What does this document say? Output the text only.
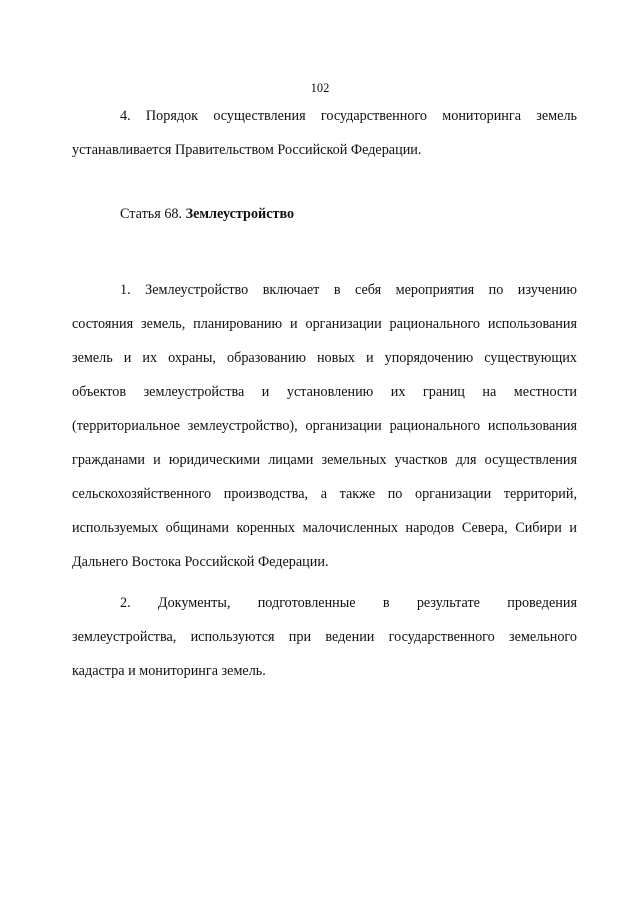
102
4. Порядок осуществления государственного мониторинга земель
устанавливается Правительством Российской Федерации.
Статья 68. Землеустройство
1. Землеустройство включает в себя мероприятия по изучению
состояния земель, планированию и организации рационального использования
земель и их охраны, образованию новых и упорядочению существующих
объектов землеустройства и установлению их границ на местности
(территориальное землеустройство), организации рационального использования
гражданами и юридическими лицами земельных участков для осуществления
сельскохозяйственного производства, а также по организации территорий,
используемых общинами коренных малочисленных народов Севера, Сибири и
Дальнего Востока Российской Федерации.
2. Документы, подготовленные в результате проведения
землеустройства, используются при ведении государственного земельного
кадастра и мониторинга земель.
